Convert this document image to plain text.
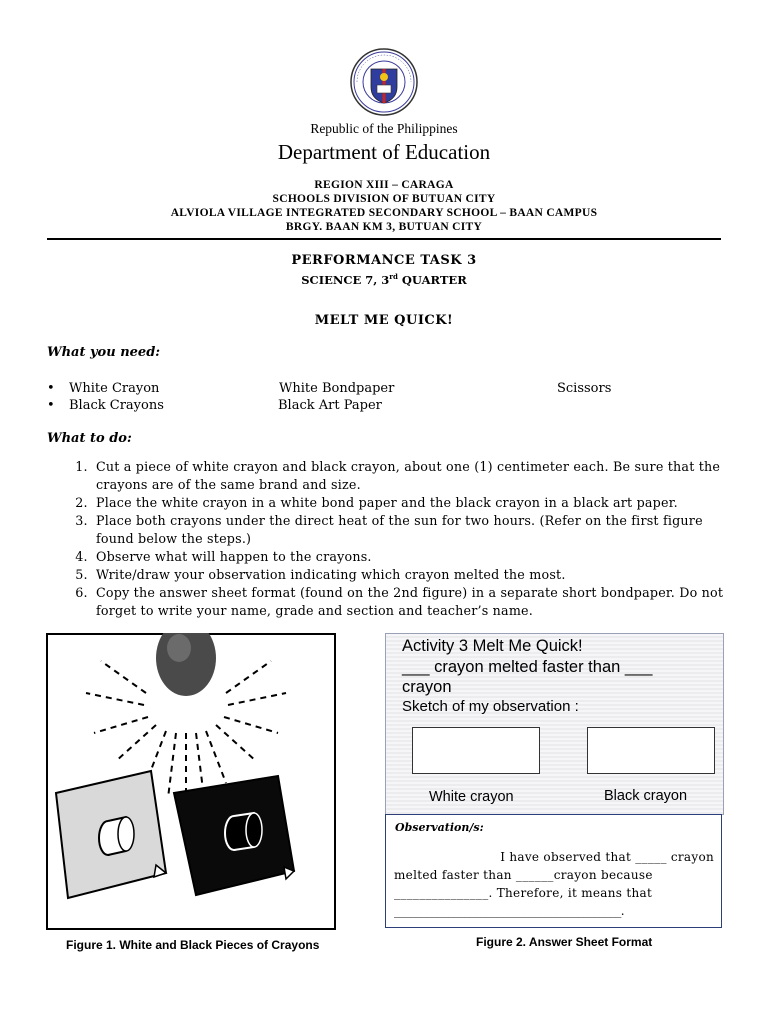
Republic of the Philippines
Department of Education
REGION XIII – CARAGA
SCHOOLS DIVISION OF BUTUAN CITY
ALVIOLA VILLAGE INTEGRATED SECONDARY SCHOOL – BAAN CAMPUS
BRGY. BAAN KM 3, BUTUAN CITY
PERFORMANCE TASK 3
SCIENCE 7, 3rd QUARTER
MELT ME QUICK!
What you need:
• White Crayon
• Black Crayons
White Bondpaper
Black Art Paper
Scissors
What to do:
1. Cut a piece of white crayon and black crayon, about one (1) centimeter each. Be sure that the crayons are of the same brand and size.
2. Place the white crayon in a white bond paper and the black crayon in a black art paper.
3. Place both crayons under the direct heat of the sun for two hours. (Refer on the first figure found below the steps.)
4. Observe what will happen to the crayons.
5. Write/draw your observation indicating which crayon melted the most.
6. Copy the answer sheet format (found on the 2nd figure) in a separate short bondpaper. Do not forget to write your name, grade and section and teacher’s name.
Activity 3 Melt Me Quick!
___ crayon melted faster than ___
crayon
Sketch of my observation :
White crayon	Black crayon
Observation/s:
I have observed that _____ crayon
melted faster than ______crayon because
_______________. Therefore, it means that
__________________________________________.
Figure 1. White and Black Pieces of Crayons	Figure 2. Answer Sheet Format
